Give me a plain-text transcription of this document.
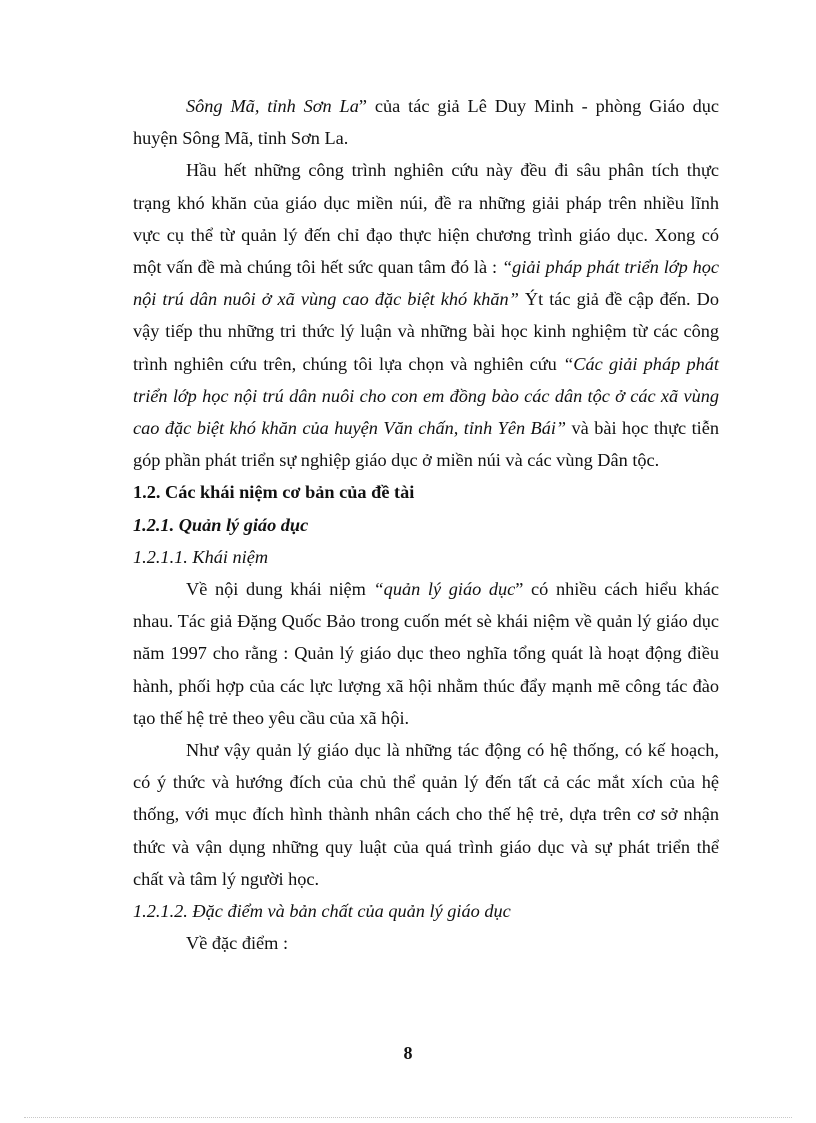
Sông Mã, tỉnh Sơn La” của tác giả Lê Duy Minh - phòng Giáo dục huyện Sông Mã, tỉnh Sơn La.

Hầu hết những công trình nghiên cứu này đều đi sâu phân tích thực trạng khó khăn của giáo dục miền núi, đề ra những giải pháp trên nhiều lĩnh vực cụ thể từ quản lý đến chỉ đạo thực hiện chương trình giáo dục. Xong có một vấn đề mà chúng tôi hết sức quan tâm đó là : “giải pháp phát triển lớp học nội trú dân nuôi ở xã vùng cao đặc biệt khó khăn” Ýt tác giả đề cập đến. Do vậy tiếp thu những tri thức lý luận và những bài học kinh nghiệm từ các công trình nghiên cứu trên, chúng tôi lựa chọn và nghiên cứu “Các giải pháp phát triển lớp học nội trú dân nuôi cho con em đồng bào các dân tộc ở các xã vùng cao đặc biệt khó khăn của huyện Văn chấn, tỉnh Yên Bái” và bài học thực tiễn góp phần phát triển sự nghiệp giáo dục ở miền núi và các vùng Dân tộc.

1.2. Các khái niệm cơ bản của đề tài

1.2.1. Quản lý giáo dục

1.2.1.1. Khái niệm

Về nội dung khái niệm “quản lý giáo dục” có nhiều cách hiểu khác nhau. Tác giả Đặng Quốc Bảo trong cuốn mét sè khái niệm về quản lý giáo dục năm 1997 cho rằng : Quản lý giáo dục theo nghĩa tổng quát là hoạt động điều hành, phối hợp của các lực lượng xã hội nhằm thúc đẩy mạnh mẽ công tác đào tạo thế hệ trẻ theo yêu cầu của xã hội.

Như vậy quản lý giáo dục là những tác động có hệ thống, có kế hoạch, có ý thức và hướng đích của chủ thể quản lý đến tất cả các mắt xích của hệ thống, với mục đích hình thành nhân cách cho thế hệ trẻ, dựa trên cơ sở nhận thức và vận dụng những quy luật của quá trình giáo dục và sự phát triển thể chất và tâm lý người học.

1.2.1.2. Đặc điểm và bản chất của quản lý giáo dục

Về đặc điểm :

8
